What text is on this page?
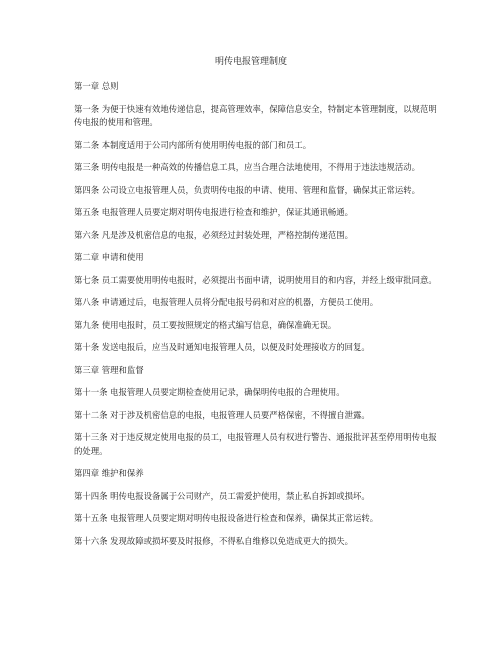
明传电报管理制度

第一章 总则

第一条 为便于快速有效地传递信息，提高管理效率，保障信息安全，特制定本管理制度，以规范明传电报的使用和管理。

第二条 本制度适用于公司内部所有使用明传电报的部门和员工。

第三条 明传电报是一种高效的传播信息工具，应当合理合法地使用，不得用于违法违规活动。

第四条 公司设立电报管理人员，负责明传电报的申请、使用、管理和监督，确保其正常运转。

第五条 电报管理人员要定期对明传电报进行检查和维护，保证其通讯畅通。

第六条 凡是涉及机密信息的电报，必须经过封装处理，严格控制传递范围。

第二章 申请和使用

第七条 员工需要使用明传电报时，必须提出书面申请，说明使用目的和内容，并经上级审批同意。

第八条 申请通过后，电报管理人员将分配电报号码和对应的机器，方便员工使用。

第九条 使用电报时，员工要按照规定的格式编写信息，确保准确无误。

第十条 发送电报后，应当及时通知电报管理人员，以便及时处理接收方的回复。

第三章 管理和监督

第十一条 电报管理人员要定期检查使用记录，确保明传电报的合理使用。

第十二条 对于涉及机密信息的电报，电报管理人员要严格保密，不得擅自泄露。

第十三条 对于违反规定使用电报的员工，电报管理人员有权进行警告、通报批评甚至停用明传电报的处理。

第四章 维护和保养

第十四条 明传电报设备属于公司财产，员工需爱护使用，禁止私自拆卸或损坏。

第十五条 电报管理人员要定期对明传电报设备进行检查和保养，确保其正常运转。

第十六条 发现故障或损坏要及时报修，不得私自维修以免造成更大的损失。
